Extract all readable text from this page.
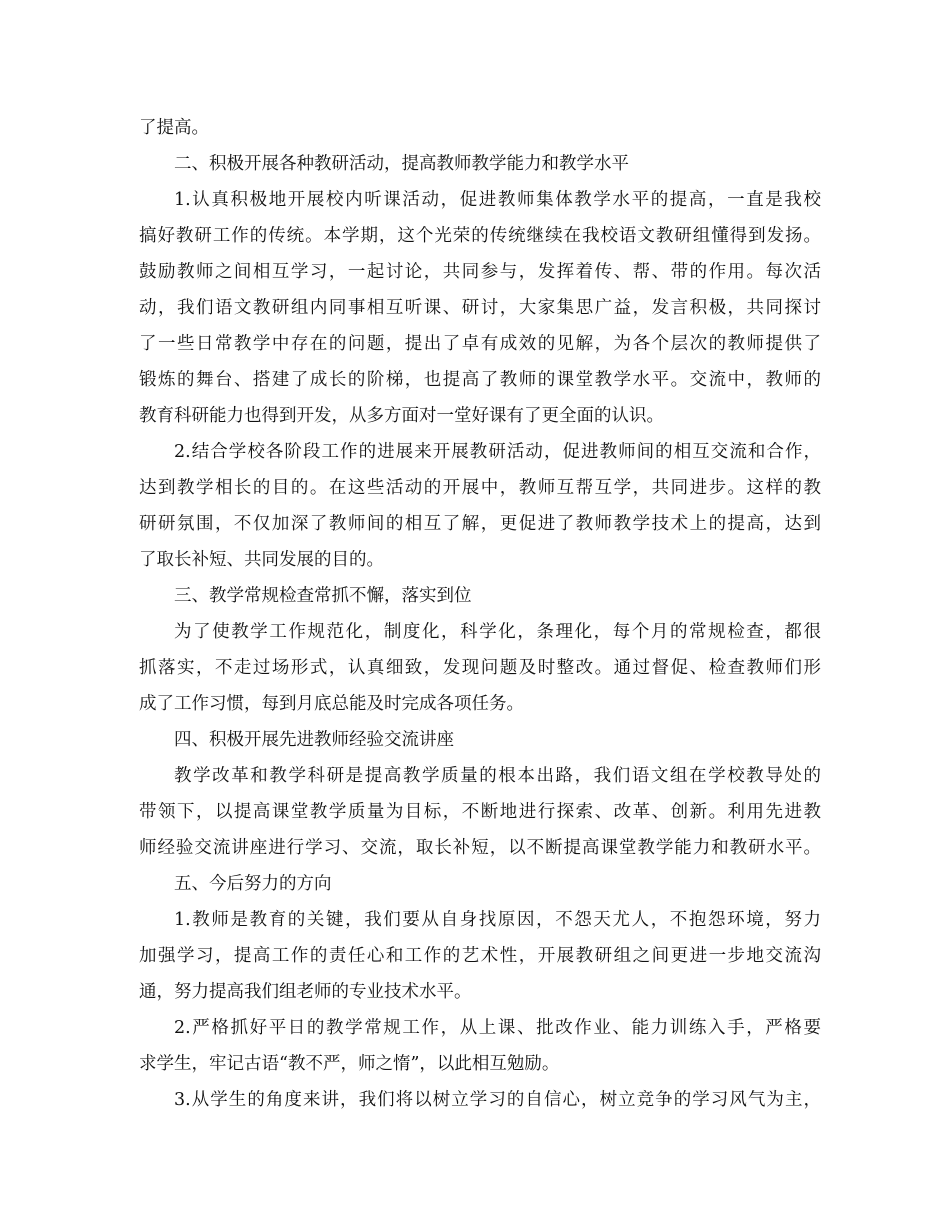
了提高。
二、积极开展各种教研活动，提高教师教学能力和教学水平
1.认真积极地开展校内听课活动，促进教师集体教学水平的提高，一直是我校
搞好教研工作的传统。本学期，这个光荣的传统继续在我校语文教研组懂得到发扬。
鼓励教师之间相互学习，一起讨论，共同参与，发挥着传、帮、带的作用。每次活
动，我们语文教研组内同事相互听课、研讨，大家集思广益，发言积极，共同探讨
了一些日常教学中存在的问题，提出了卓有成效的见解，为各个层次的教师提供了
锻炼的舞台、搭建了成长的阶梯，也提高了教师的课堂教学水平。交流中，教师的
教育科研能力也得到开发，从多方面对一堂好课有了更全面的认识。
2.结合学校各阶段工作的进展来开展教研活动，促进教师间的相互交流和合作，
达到教学相长的目的。在这些活动的开展中，教师互帮互学，共同进步。这样的教
研研氛围，不仅加深了教师间的相互了解，更促进了教师教学技术上的提高，达到
了取长补短、共同发展的目的。
三、教学常规检查常抓不懈，落实到位
为了使教学工作规范化，制度化，科学化，条理化，每个月的常规检查，都很
抓落实，不走过场形式，认真细致，发现问题及时整改。通过督促、检查教师们形
成了工作习惯，每到月底总能及时完成各项任务。
四、积极开展先进教师经验交流讲座
教学改革和教学科研是提高教学质量的根本出路，我们语文组在学校教导处的
带领下，以提高课堂教学质量为目标，不断地进行探索、改革、创新。利用先进教
师经验交流讲座进行学习、交流，取长补短，以不断提高课堂教学能力和教研水平。
五、今后努力的方向
1.教师是教育的关键，我们要从自身找原因，不怨天尤人，不抱怨环境，努力
加强学习，提高工作的责任心和工作的艺术性，开展教研组之间更进一步地交流沟
通，努力提高我们组老师的专业技术水平。
2.严格抓好平日的教学常规工作，从上课、批改作业、能力训练入手，严格要
求学生，牢记古语“教不严，师之惰”，以此相互勉励。
3.从学生的角度来讲，我们将以树立学习的自信心，树立竞争的学习风气为主，
